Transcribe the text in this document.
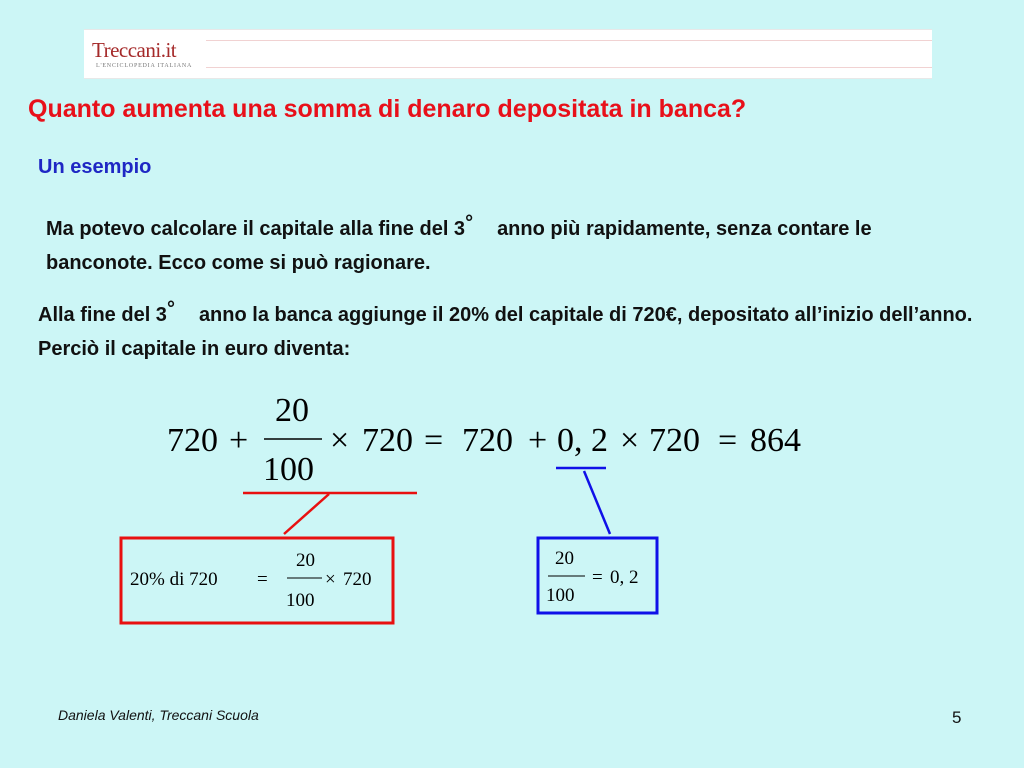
Treccani.it
L'ENCICLOPEDIA ITALIANA
Quanto aumenta una somma di denaro depositata in banca?
Un esempio
Ma potevo calcolare il capitale alla fine del 3° anno più rapidamente, senza contare le banconote. Ecco come si può ragionare.
Alla fine del 3° anno la banca aggiunge il 20% del capitale di 720€, depositato all’inizio dell’anno. Perciò il capitale in euro diventa:
720 +
20
100
× 720 = 720 + 0, 2 × 720 = 864
20% di 720 =
20
100
× 720
20
100
= 0, 2
Daniela Valenti, Treccani Scuola	5
